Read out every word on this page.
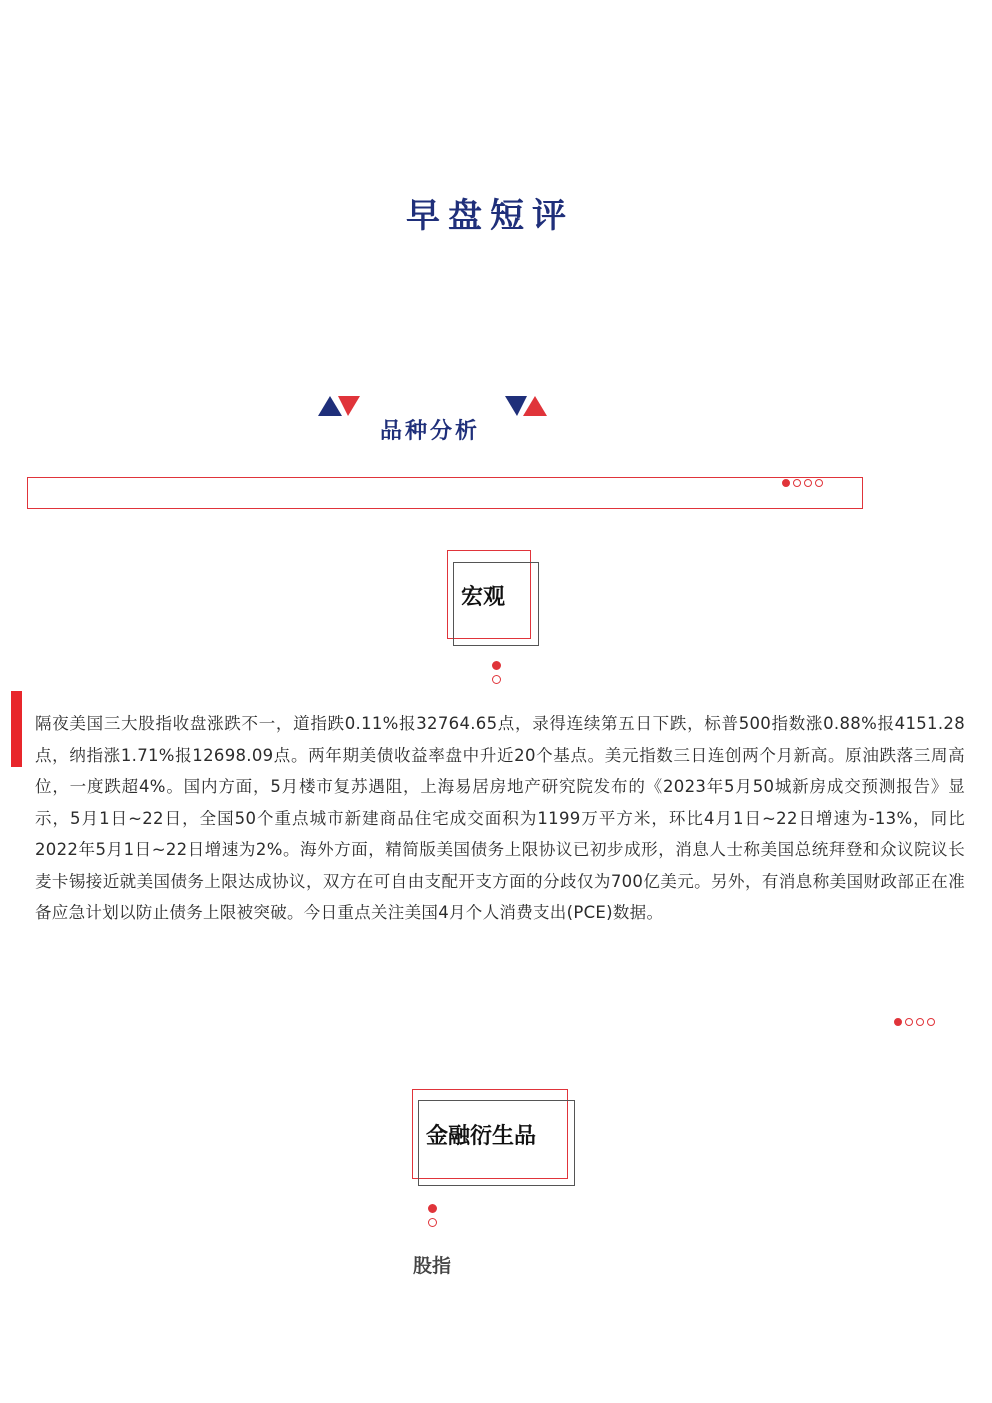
早盘短评
品种分析
宏观
隔夜美国三大股指收盘涨跌不一，道指跌0.11%报32764.65点，录得连续第五日下跌，标普500指数涨0.88%报4151.28点，纳指涨1.71%报12698.09点。两年期美债收益率盘中升近20个基点。美元指数三日连创两个月新高。原油跌落三周高位，一度跌超4%。国内方面，5月楼市复苏遇阻，上海易居房地产研究院发布的《2023年5月50城新房成交预测报告》显示，5月1日~22日，全国50个重点城市新建商品住宅成交面积为1199万平方米，环比4月1日~22日增速为-13%，同比2022年5月1日~22日增速为2%。海外方面，精简版美国债务上限协议已初步成形，消息人士称美国总统拜登和众议院议长麦卡锡接近就美国债务上限达成协议，双方在可自由支配开支方面的分歧仅为700亿美元。另外，有消息称美国财政部正在准备应急计划以防止债务上限被突破。今日重点关注美国4月个人消费支出(PCE)数据。
金融衍生品
股指
